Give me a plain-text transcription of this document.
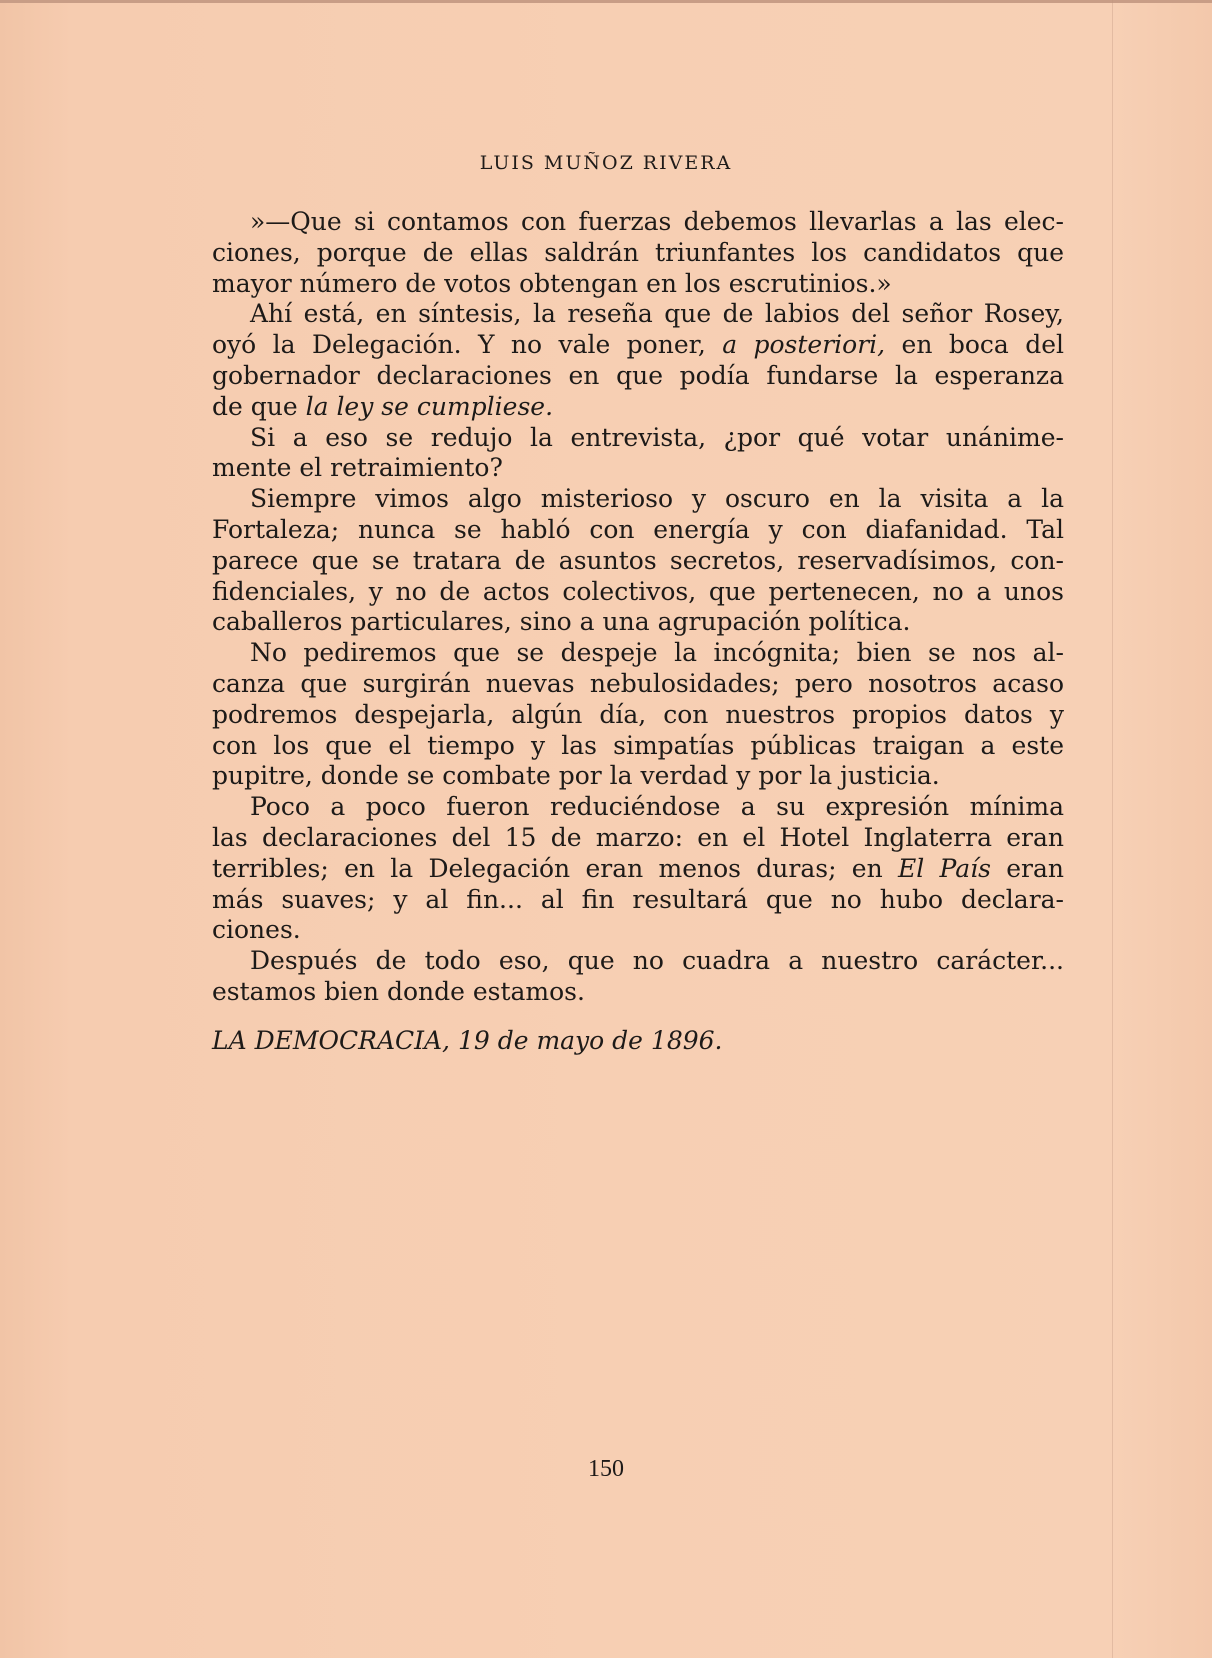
LUIS MUÑOZ RIVERA

»—Que si contamos con fuerzas debemos llevarlas a las elec-
ciones, porque de ellas saldrán triunfantes los candidatos que
mayor número de votos obtengan en los escrutinios.»

Ahí está, en síntesis, la reseña que de labios del señor Rosey,
oyó la Delegación. Y no vale poner, a posteriori, en boca del
gobernador declaraciones en que podía fundarse la esperanza
de que la ley se cumpliese.

Si a eso se redujo la entrevista, ¿por qué votar unánime-
mente el retraimiento?

Siempre vimos algo misterioso y oscuro en la visita a la
Fortaleza; nunca se habló con energía y con diafanidad. Tal
parece que se tratara de asuntos secretos, reservadísimos, con-
fidenciales, y no de actos colectivos, que pertenecen, no a unos
caballeros particulares, sino a una agrupación política.

No pediremos que se despeje la incógnita; bien se nos al-
canza que surgirán nuevas nebulosidades; pero nosotros acaso
podremos despejarla, algún día, con nuestros propios datos y
con los que el tiempo y las simpatías públicas traigan a este
pupitre, donde se combate por la verdad y por la justicia.

Poco a poco fueron reduciéndose a su expresión mínima
las declaraciones del 15 de marzo: en el Hotel Inglaterra eran
terribles; en la Delegación eran menos duras; en El País eran
más suaves; y al fin... al fin resultará que no hubo declara-
ciones.

Después de todo eso, que no cuadra a nuestro carácter...
estamos bien donde estamos.

LA DEMOCRACIA, 19 de mayo de 1896.
150
